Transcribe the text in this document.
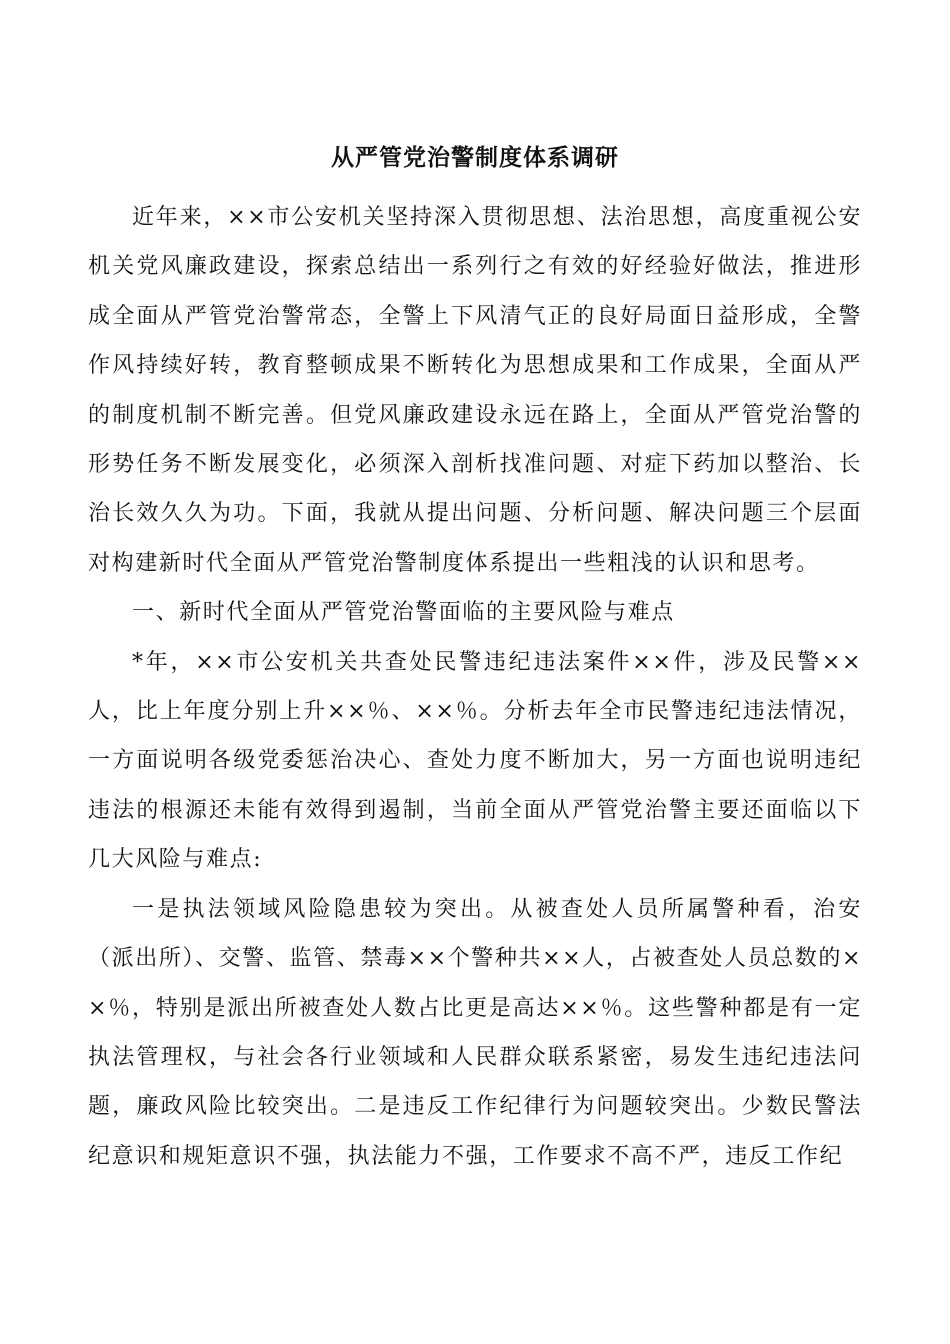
从严管党治警制度体系调研

近年来，××市公安机关坚持深入贯彻思想、法治思想，高度重视公安机关党风廉政建设，探索总结出一系列行之有效的好经验好做法，推进形成全面从严管党治警常态，全警上下风清气正的良好局面日益形成，全警作风持续好转，教育整顿成果不断转化为思想成果和工作成果，全面从严的制度机制不断完善。但党风廉政建设永远在路上，全面从严管党治警的形势任务不断发展变化，必须深入剖析找准问题、对症下药加以整治、长治长效久久为功。下面，我就从提出问题、分析问题、解决问题三个层面对构建新时代全面从严管党治警制度体系提出一些粗浅的认识和思考。

一、新时代全面从严管党治警面临的主要风险与难点

*年，××市公安机关共查处民警违纪违法案件××件，涉及民警××人，比上年度分别上升××％、××％。分析去年全市民警违纪违法情况，一方面说明各级党委惩治决心、查处力度不断加大，另一方面也说明违纪违法的根源还未能有效得到遏制，当前全面从严管党治警主要还面临以下几大风险与难点:

一是执法领域风险隐患较为突出。从被查处人员所属警种看，治安（派出所）、交警、监管、禁毒××个警种共××人，占被查处人员总数的××％，特别是派出所被查处人数占比更是高达××％。这些警种都是有一定执法管理权，与社会各行业领域和人民群众联系紧密，易发生违纪违法问题，廉政风险比较突出。二是违反工作纪律行为问题较突出。少数民警法纪意识和规矩意识不强，执法能力不强，工作要求不高不严，违反工作纪
